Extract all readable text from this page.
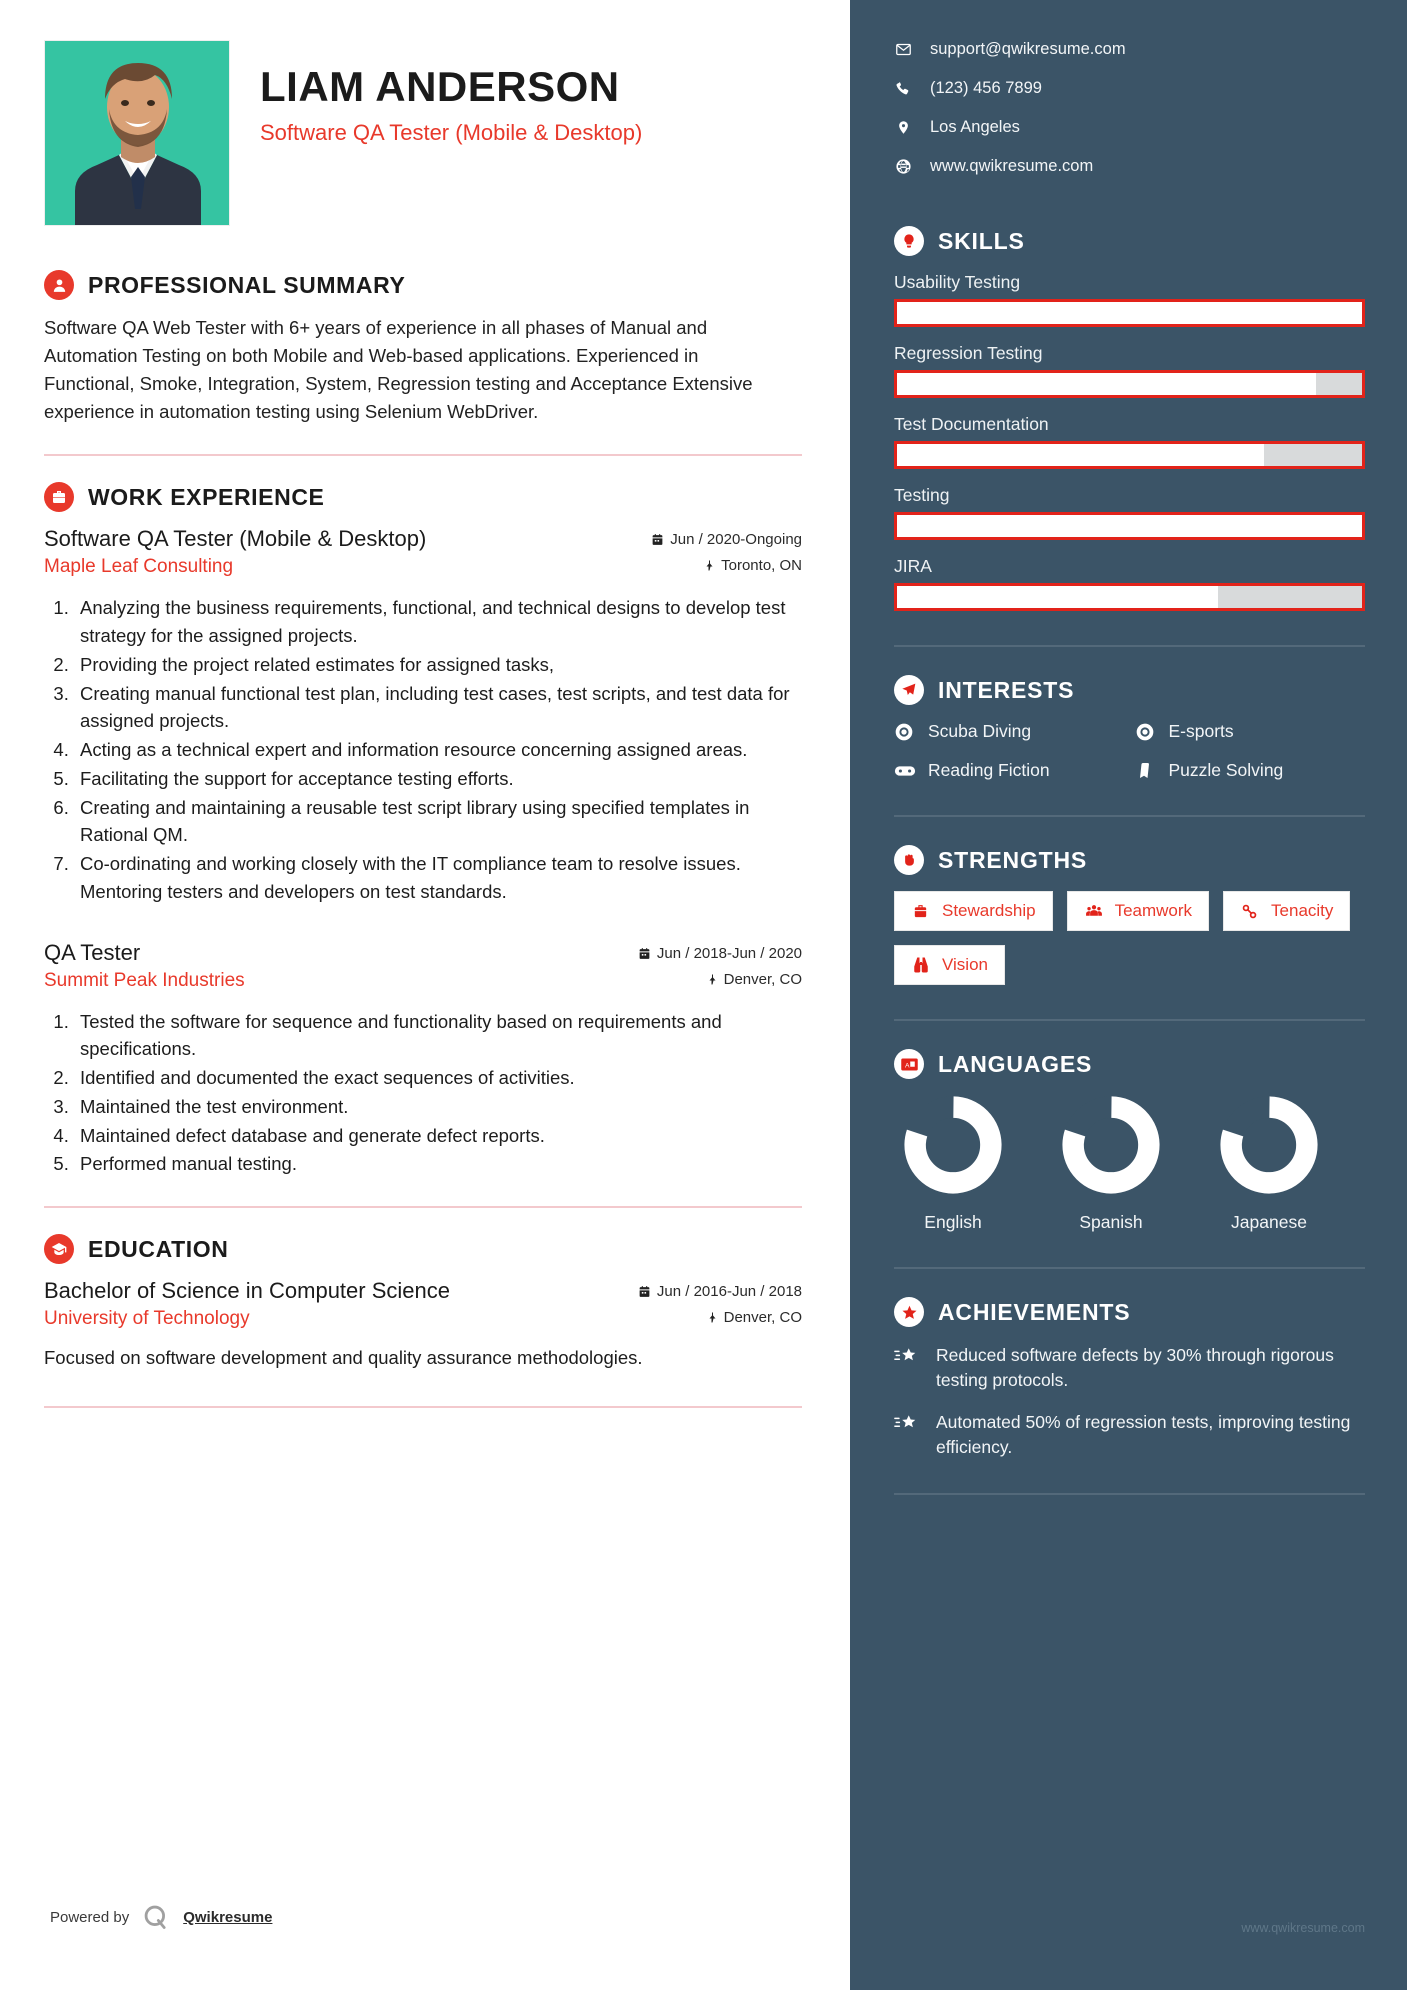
LIAM ANDERSON
Software QA Tester (Mobile & Desktop)
PROFESSIONAL SUMMARY
Software QA Web Tester with 6+ years of experience in all phases of Manual and Automation Testing on both Mobile and Web-based applications. Experienced in Functional, Smoke, Integration, System, Regression testing and Acceptance Extensive experience in automation testing using Selenium WebDriver.
WORK EXPERIENCE
Software QA Tester (Mobile & Desktop)	Jun / 2020-Ongoing
Maple Leaf Consulting	Toronto, ON
1. Analyzing the business requirements, functional, and technical designs to develop test strategy for the assigned projects.
2. Providing the project related estimates for assigned tasks,
3. Creating manual functional test plan, including test cases, test scripts, and test data for assigned projects.
4. Acting as a technical expert and information resource concerning assigned areas.
5. Facilitating the support for acceptance testing efforts.
6. Creating and maintaining a reusable test script library using specified templates in Rational QM.
7. Co-ordinating and working closely with the IT compliance team to resolve issues. Mentoring testers and developers on test standards.
QA Tester	Jun / 2018-Jun / 2020
Summit Peak Industries	Denver, CO
1. Tested the software for sequence and functionality based on requirements and specifications.
2. Identified and documented the exact sequences of activities.
3. Maintained the test environment.
4. Maintained defect database and generate defect reports.
5. Performed manual testing.
EDUCATION
Bachelor of Science in Computer Science	Jun / 2016-Jun / 2018
University of Technology	Denver, CO
Focused on software development and quality assurance methodologies.
Powered by	Qwikresume
support@qwikresume.com
(123) 456 7899
Los Angeles
www.qwikresume.com
SKILLS
Usability Testing
Regression Testing
Test Documentation
Testing
JIRA
INTERESTS
Scuba Diving	E-sports
Reading Fiction	Puzzle Solving
STRENGTHS
Stewardship	Teamwork	Tenacity
Vision
A LANGUAGES
English	Spanish	Japanese
ACHIEVEMENTS
Reduced software defects by 30% through rigorous testing protocols.
Automated 50% of regression tests, improving testing efficiency.
www.qwikresume.com
